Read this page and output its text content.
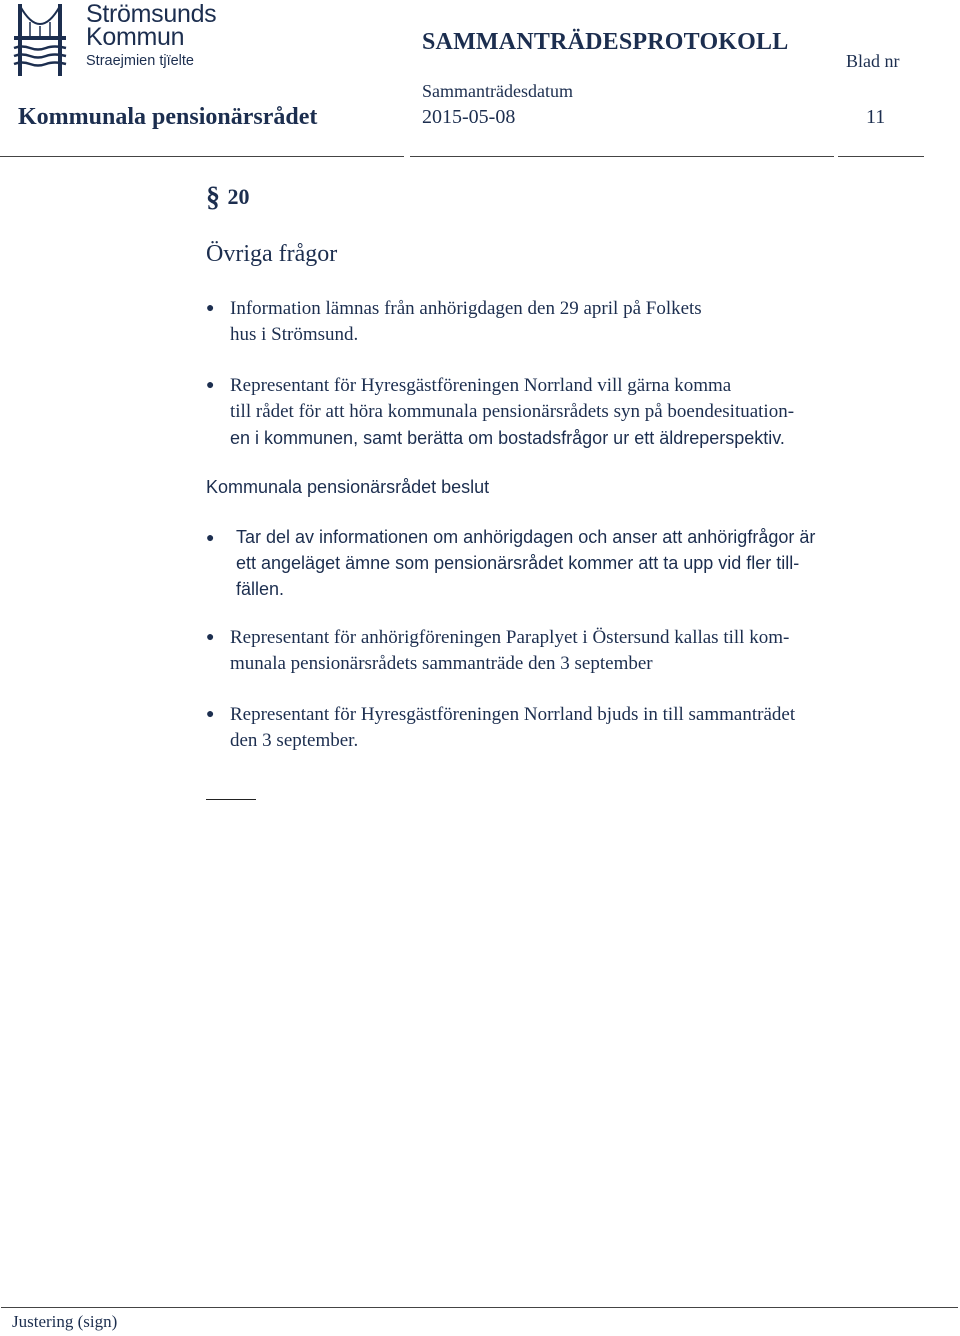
Strömsunds
Kommun
Straejmien tjïelte
SAMMANTRÄDESPROTOKOLL
Blad nr
Sammanträdesdatum
Kommunala pensionärsrådet	2015-05-08	11
§ 20
Övriga frågor
● Information lämnas från anhörigdagen den 29 april på Folkets
hus i Strömsund.
● Representant för Hyresgästföreningen Norrland vill gärna komma
till rådet för att höra kommunala pensionärsrådets syn på boendesituation-
en i kommunen, samt berätta om bostadsfrågor ur ett äldreperspektiv.
Kommunala pensionärsrådet beslut
● Tar del av informationen om anhörigdagen och anser att anhörigfrågor är
ett angeläget ämne som pensionärsrådet kommer att ta upp vid fler till-
fällen.
● Representant för anhörigföreningen Paraplyet i Östersund kallas till kom-
munala pensionärsrådets sammanträde den 3 september
● Representant för Hyresgästföreningen Norrland bjuds in till sammanträdet
den 3 september.
Justering (sign)
